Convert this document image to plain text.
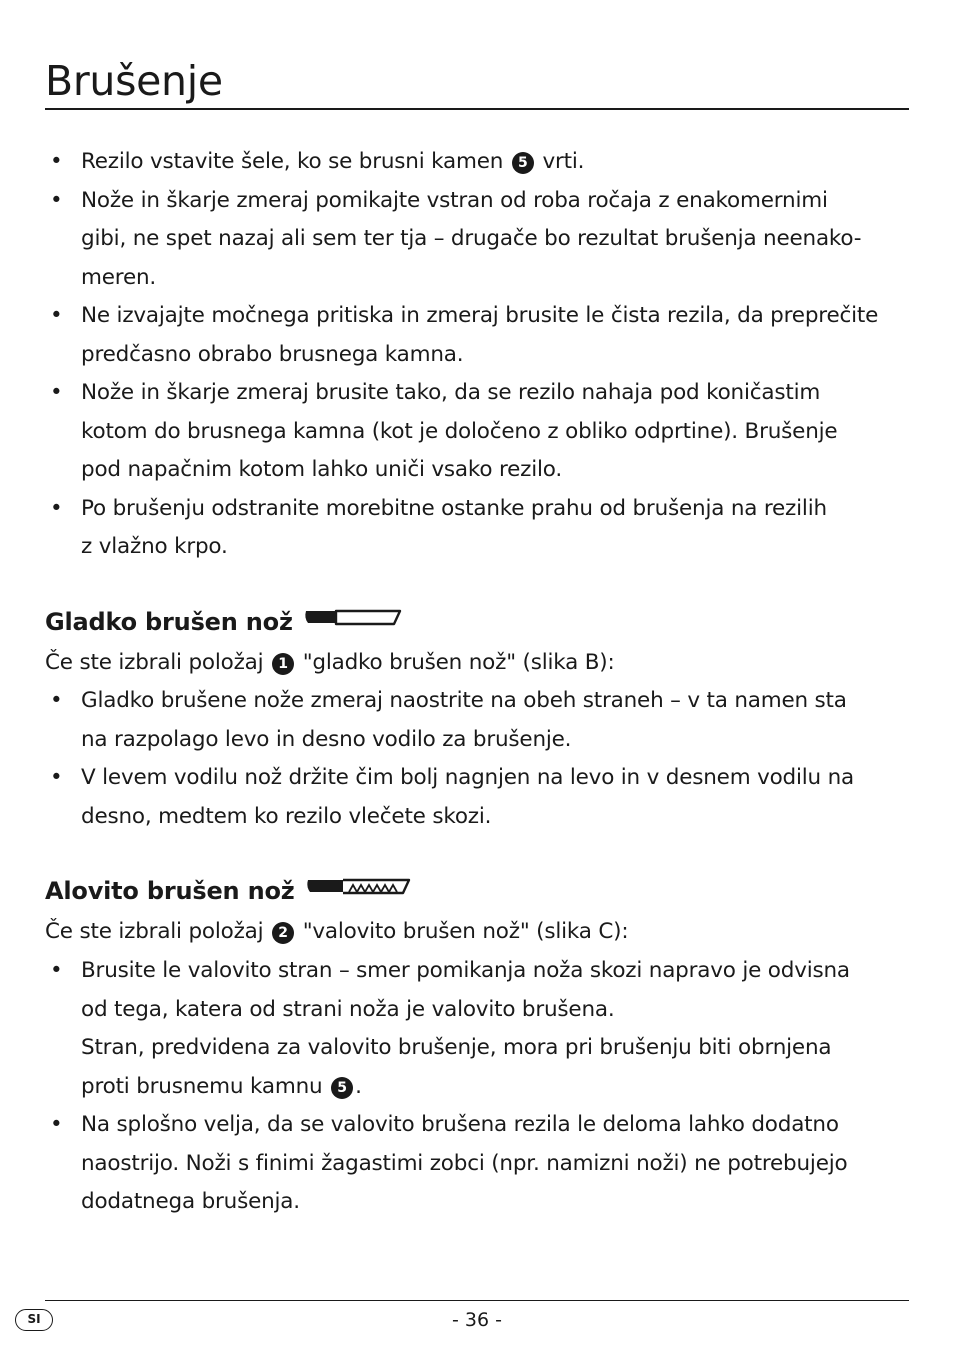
Brušenje
• Rezilo vstavite šele, ko se brusni kamen 5 vrti.
• Nože in škarje zmeraj pomikajte vstran od roba ročaja z enakomernimi
gibi, ne spet nazaj ali sem ter tja – drugače bo rezultat brušenja neenako-
meren.
• Ne izvajajte močnega pritiska in zmeraj brusite le čista rezila, da preprečite
predčasno obrabo brusnega kamna.
• Nože in škarje zmeraj brusite tako, da se rezilo nahaja pod koničastim
kotom do brusnega kamna (kot je določeno z obliko odprtine). Brušenje
pod napačnim kotom lahko uniči vsako rezilo.
• Po brušenju odstranite morebitne ostanke prahu od brušenja na rezilih
z vlažno krpo.
Gladko brušen nož

Če ste izbrali položaj 1 "gladko brušen nož" (slika B):

• Gladko brušene nože zmeraj naostrite na obeh straneh – v ta namen sta
na razpolago levo in desno vodilo za brušenje.
• V levem vodilu nož držite čim bolj nagnjen na levo in v desnem vodilu na
desno, medtem ko rezilo vlečete skozi.
Alovito brušen nož

Če ste izbrali položaj 2 "valovito brušen nož" (slika C):

• Brusite le valovito stran – smer pomikanja noža skozi napravo je odvisna
od tega, katera od strani noža je valovito brušena.
Stran, predvidena za valovito brušenje, mora pri brušenju biti obrnjena
proti brusnemu kamnu 5 .
• Na splošno velja, da se valovito brušena rezila le deloma lahko dodatno
naostrijo. Noži s finimi žagastimi zobci (npr. namizni noži) ne potrebujejo
dodatnega brušenja.
SI	- 36 -
